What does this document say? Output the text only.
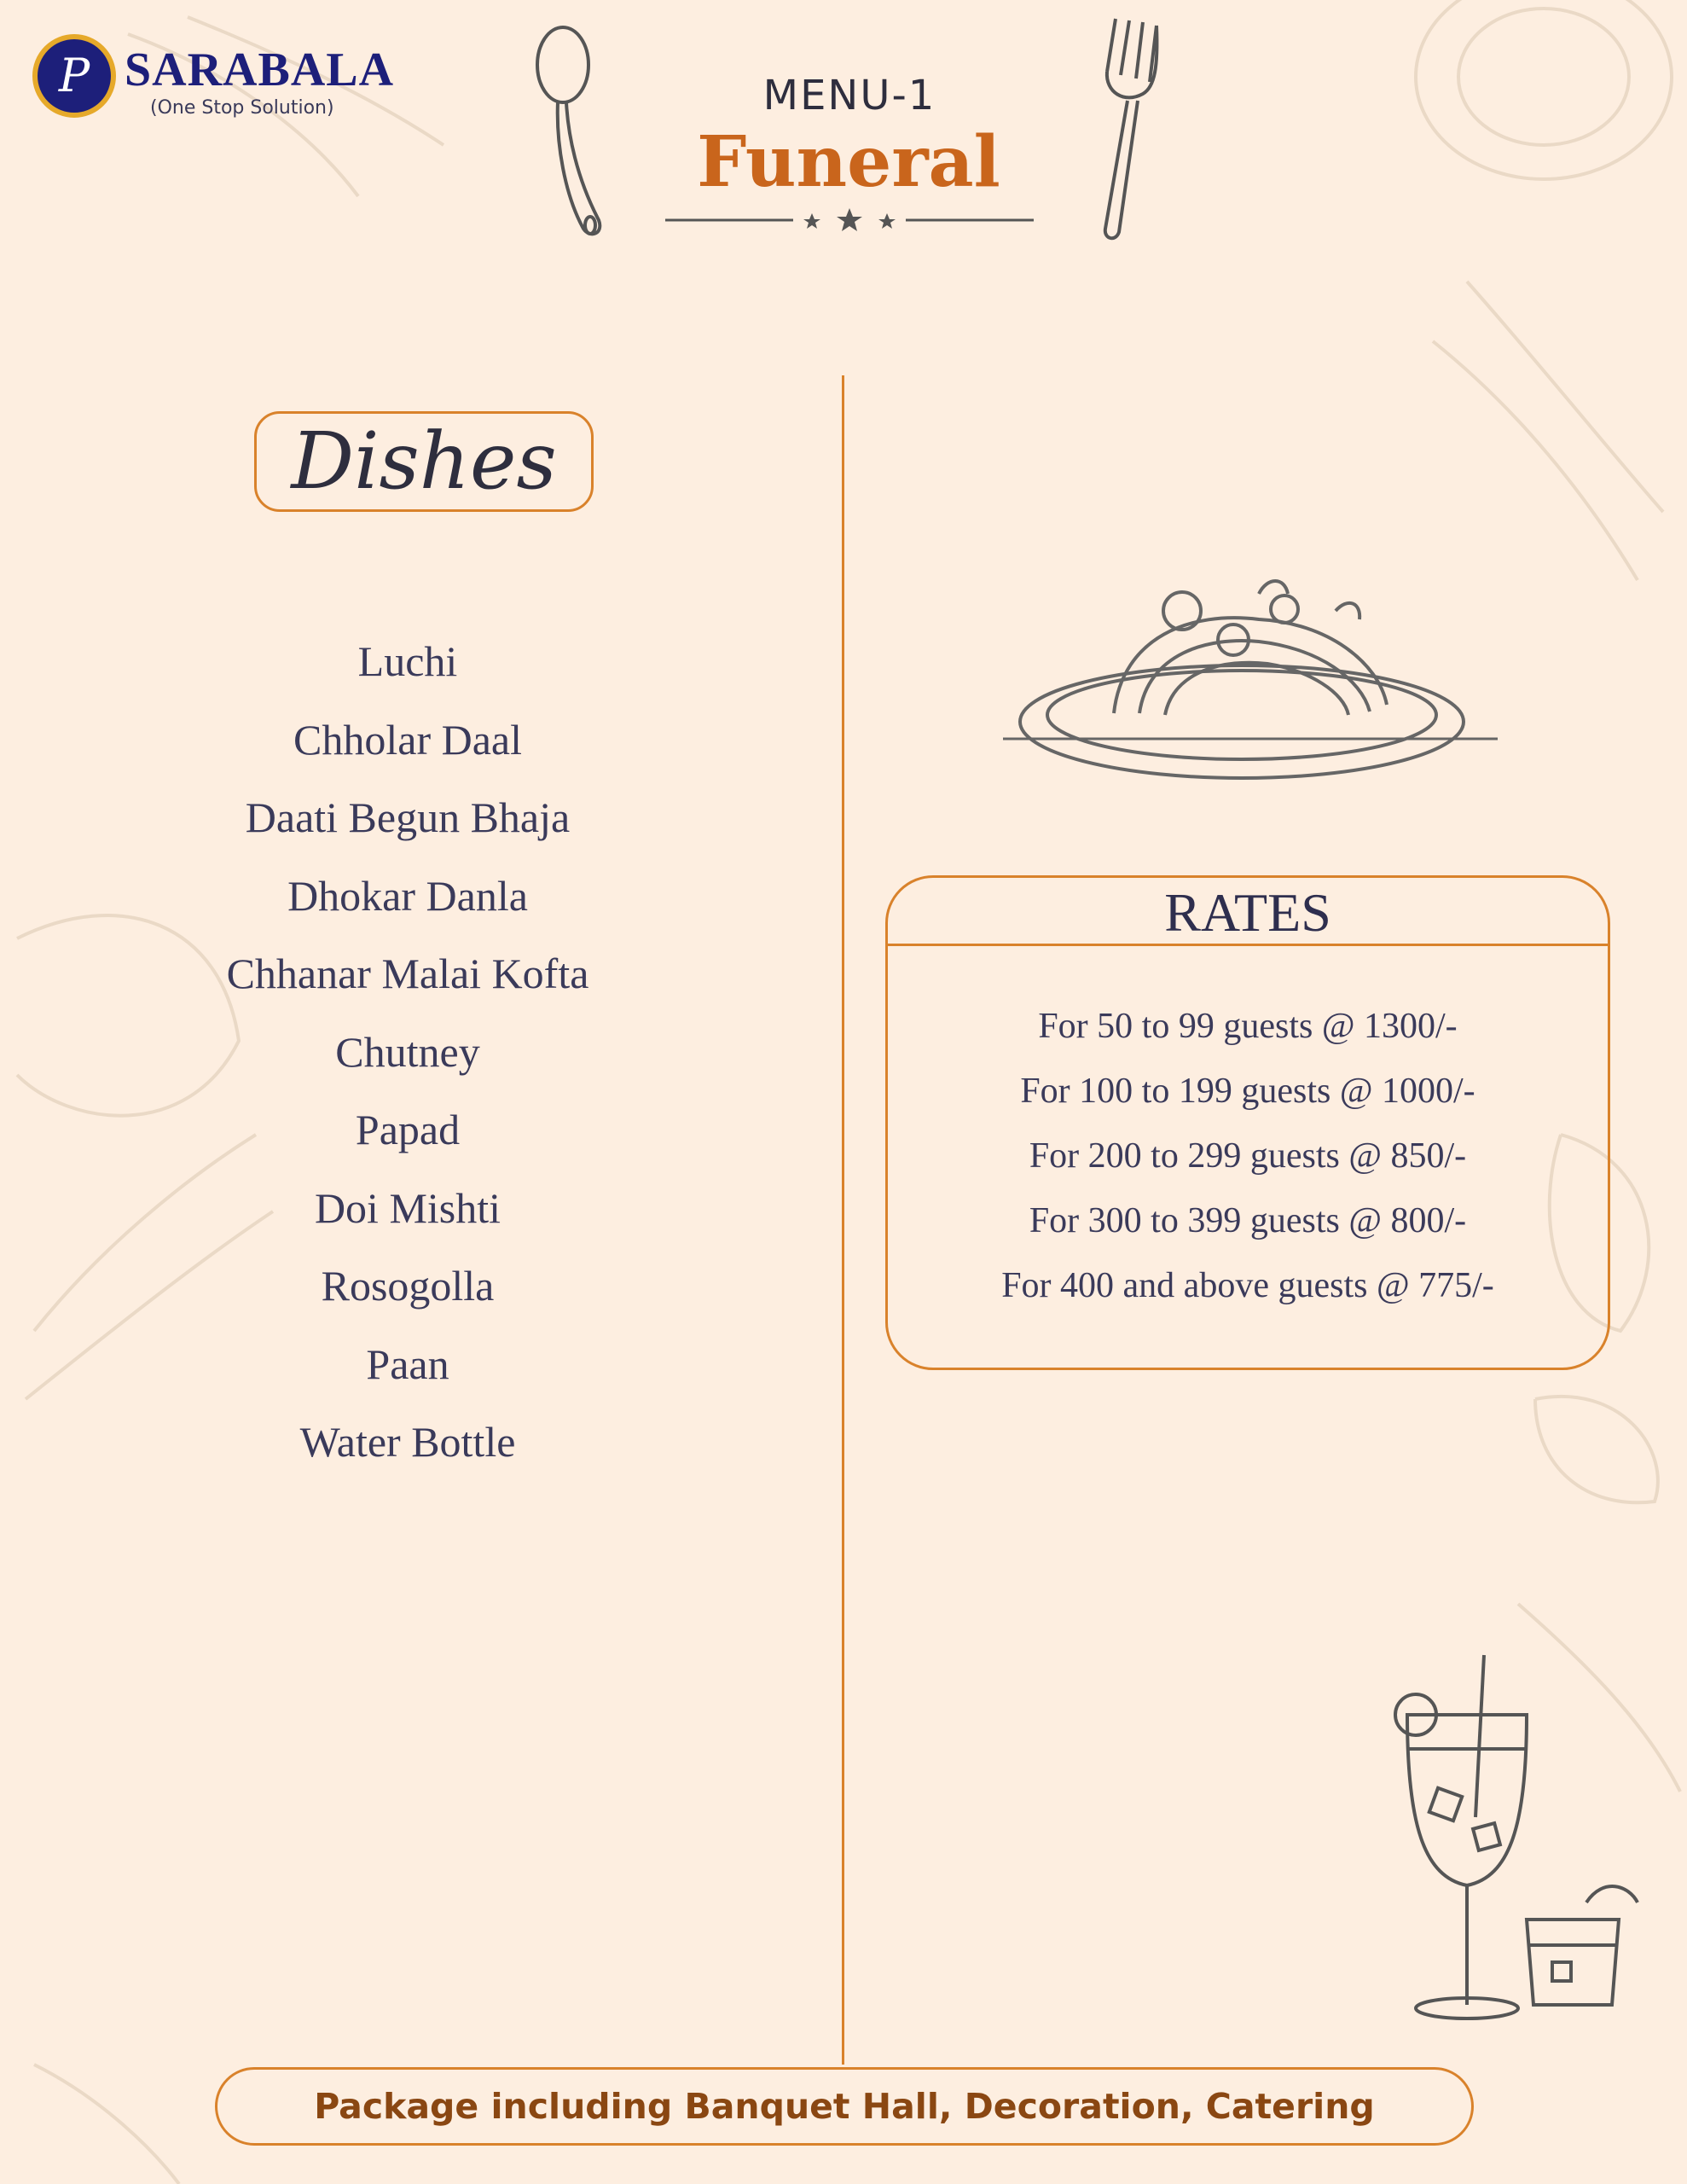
P SARABALA
(One Stop Solution)	MENU-1
Funeral
Dishes
Luchi
Chholar Daal
Daati Begun Bhaja
Dhokar Danla
Chhanar Malai Kofta
Chutney
Papad
Doi Mishti
Rosogolla
Paan
Water Bottle
RATES
For 50 to 99 guests @ 1300/-
For 100 to 199 guests @ 1000/-
For 200 to 299 guests @ 850/-
For 300 to 399 guests @ 800/-
For 400 and above guests @ 775/-
Package including Banquet Hall, Decoration, Catering
